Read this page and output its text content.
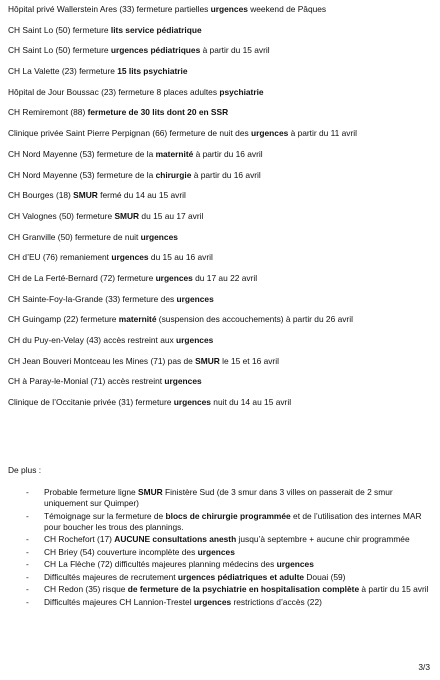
Hôpital privé Wallerstein Ares (33) fermeture partielles urgences weekend de Pâques
CH Saint Lo (50) fermeture lits service pédiatrique
CH Saint Lo (50) fermeture urgences pédiatriques à partir du 15 avril
CH La Valette (23) fermeture 15 lits psychiatrie
Hôpital de Jour Boussac (23) fermeture 8 places adultes psychiatrie
CH Remiremont (88) fermeture de 30 lits dont 20 en SSR
Clinique privée Saint Pierre Perpignan (66) fermeture de nuit des urgences à partir du 11 avril
CH Nord Mayenne (53) fermeture de la maternité à partir du 16 avril
CH Nord Mayenne (53) fermeture de la chirurgie à partir du 16 avril
CH Bourges (18) SMUR fermé du 14 au 15 avril
CH Valognes (50) fermeture SMUR du 15 au 17 avril
CH Granville (50) fermeture de nuit urgences
CH d’EU (76) remaniement urgences du 15 au 16 avril
CH de La Ferté-Bernard (72) fermeture urgences du 17 au 22 avril
CH Sainte-Foy-la-Grande (33) fermeture des urgences
CH Guingamp (22) fermeture maternité (suspension des accouchements) à partir du 26 avril
CH du Puy-en-Velay (43) accès restreint aux urgences
CH Jean Bouveri Montceau les Mines (71) pas de SMUR le 15 et 16 avril
CH à Paray-le-Monial (71) accès restreint urgences
Clinique de l’Occitanie privée (31) fermeture urgences nuit du 14 au 15 avril
De plus :
- Probable fermeture ligne SMUR Finistère Sud (de 3 smur dans 3 villes on passerait de 2 smur uniquement sur Quimper)
- Témoignage sur la fermeture de blocs de chirurgie programmée et de l’utilisation des internes MAR pour boucher les trous des plannings.
- CH Rochefort (17) AUCUNE consultations anesth jusqu’à septembre + aucune chir programmée
- CH Briey (54) couverture incomplète des urgences
- CH La Flèche (72) difficultés majeures planning médecins des urgences
- Difficultés majeures de recrutement urgences pédiatriques et adulte Douai (59)
- CH Redon (35) risque de fermeture de la psychiatrie en hospitalisation complète à partir du 15 avril
- Difficultés majeures CH Lannion-Trestel urgences restrictions d’accès (22)
3/3
